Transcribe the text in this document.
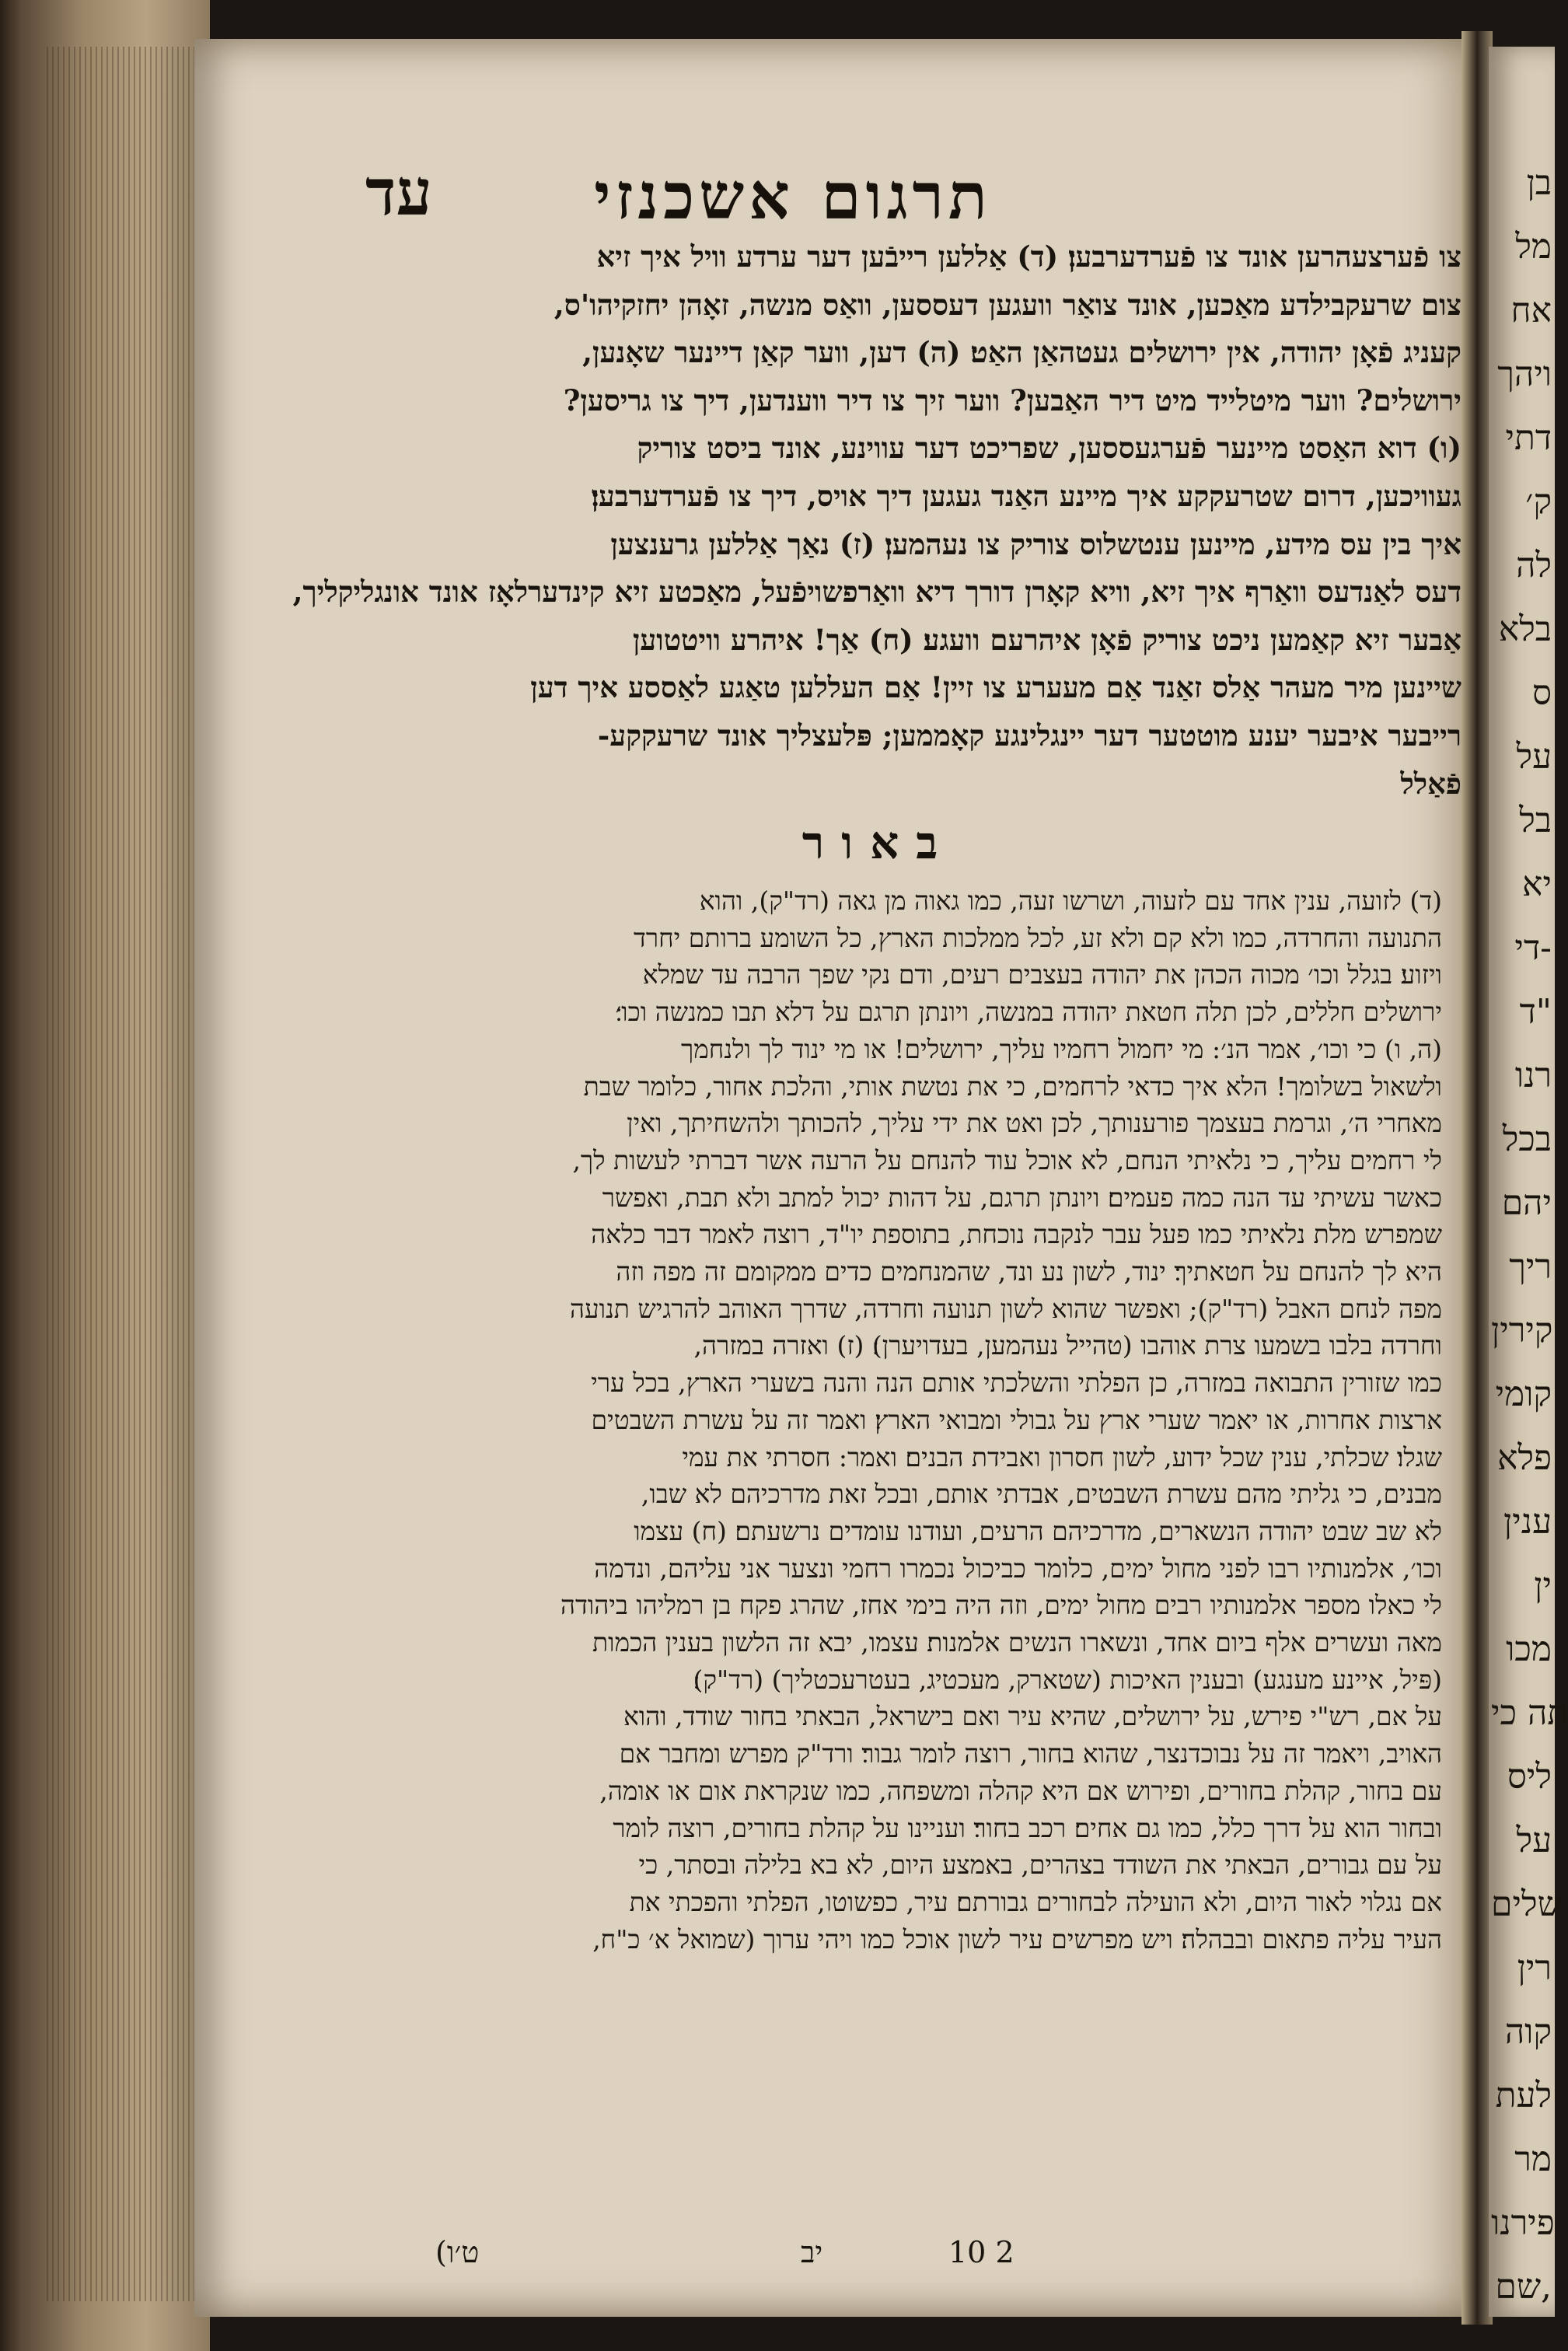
בן
מל
אח
ויהך
דתי
ק׳
לה
בלא
ס
על
בל
יא
די-
ד"
רנו
בכל
יהם
ריך
קירין
קומי
פלא
ענין
ין
מכו
תה כי
ליס
על
שלים
רין
קוה
לעת
מר
פירנו
שם,
תרגום אשכנזי
עד

צו פֿערצעהרען אונד צו פֿערדערבען׃ (ד) אַללען רייבֿען דער ערדע וויל איך זיא

צום שרעקבילדע מאַכען, אונד צואַר וועגען דעססען, וואַס מנשה, זאָהן יחזקיהו'ס,

קעניג פֿאָן יהודה, אין ירושלים געטהאַן האַט׃ (ה) דען, ווער קאַן דיינער שאָנען,

ירושלים? ווער מיטלייד מיט דיר האַבען? ווער זיך צו דיר ווענדען, דיך צו גריסען?

(ו) דוא האַסט מיינער פֿערגעססען, שפריכט דער עווינע, אונד ביסט צוריק

געוויכען, דרום שטרעקקע איך מיינע האַנד געגען דיך אויס, דיך צו פֿערדערבען׃

איך בין עס מידע, מיינען ענטשלוס צוריק צו נעהמען׃ (ז) נאַך אַללען גרענצען

דעס לאַנדעס וואַרף איך זיא, וויא קאָרן דורך דיא וואַרפשויפֿעל, מאַכטע זיא קינדערלאָז אונד אונגליקליך,

אַבער זיא קאַמען ניכט צוריק פֿאָן איהרעם וועגע׃ (ח) אַך! איהרע וויטטוען

שיינען מיר מעהר אַלס זאַנד אַם מעערע צו זיין! אַם העללען טאַגע לאַססע איך דען

רייבער איבער יענע מוטטער דער יינגלינגע קאָממען; פּלעצליך אונד שרעקקע-

פֿאַלל

באור

(ד) לזועה, ענין אחד עם לזעוה, ושרשו זעה, כמו גאוה מן גאה (רד"ק), והוא

התנועה והחרדה, כמו ולא קם ולא זע, לכל ממלכות הארץ, כל השומע ברותם יחרד

ויזוע׃ בגלל וכו׳ מכוה הכהן את יהודה בעצבים רעים, ודם נקי שפך הרבה עד שמלא

ירושלים חללים, לכן תלה חטאת יהודה במנשה, ויונתן תרגם על דלא תבו כמנשה וכו׳׃

(ה, ו) כי וכו׳, אמר הנ׳: מי יחמול רחמיו עליך, ירושלים! או מי ינוד לך ולנחמך

ולשאול בשלומך! הלא איך כדאי לרחמים, כי את נטשת אותי, והלכת אחור, כלומר שבת

מאחרי ה׳, וגרמת בעצמך פורענותך, לכן ואט את ידי עליך, להכותך ולהשחיתך, ואין

לי רחמים עליך, כי נלאיתי הנחם, לא אוכל עוד להנחם על הרעה אשר דברתי לעשות לך,

כאשר עשיתי עד הנה כמה פעמים׃ ויונתן תרגם, על דהות יכול למתב ולא תבת, ואפשר

שמפרש מלת נלאיתי כמו פעל עבר לנקבה נוכחת, בתוספת יו"ד, רוצה לאמר דבר כלאה

היא לך להנחם על חטאתיך׃ ינוד, לשון נע ונד, שהמנחמים כדים ממקומם זה מפה וזה

מפה לנחם האבל (רד"ק); ואפשר שהוא לשון תנועה וחרדה, שדרך האוהב להרגיש תנועה

וחרדה בלבו בשמעו צרת אוהבו (טהייל נעהמען, בעדויערן)׃ (ז) ואזרה במזרה,

כמו שזורין התבואה במזרה, כן הפלתי והשלכתי אותם הנה והנה בשערי הארץ, בכל ערי

ארצות אחרות, או יאמר שערי ארץ על גבולי ומבואי הארץ׃ ואמר זה על עשרת השבטים

שגלו׃ שכלתי, ענין שכל ידוע, לשון חסרון ואבידת הבנים׃ ואמר: חסרתי את עמי

מבנים, כי גליתי מהם עשרת השבטים, אבדתי אותם, ובכל זאת מדרכיהם לא שבו,

לא שב שבט יהודה הנשארים, מדרכיהם הרעים, ועודנו עומדים נרשעתם׃ (ח) עצמו

וכו׳, אלמנותיו רבו לפני מחול ימים, כלומר כביכול נכמרו רחמי ונצער אני עליהם, ונדמה

לי כאלו מספר אלמנותיו רבים מחול ימים, וזה היה בימי אחז, שהרג פקח בן רמליהו ביהודה

מאה ועשרים אלף ביום אחד, ונשארו הנשים אלמנות׃ עצמו, יבא זה הלשון בענין הכמות

(פּיל, איינע מענגע) ובענין האיכות (שטארק, מעכטיג, בעטרעכטליך) (רד"ק)׃

על אם, רש"י פירש, על ירושלים, שהיא עיר ואם בישראל, הבאתי בחור שודד, והוא

האויב, ויאמר זה על נבוכדנצר, שהוא בחור, רוצה לומר גבור׃ ורד"ק מפרש ומחבר אם

עם בחור, קהלת בחורים, ופירוש אם היא קהלה ומשפחה, כמו שנקראת אום או אומה,

ובחור הוא על דרך כלל, כמו גם אחים׃ רכב בחור׃ ועניינו על קהלת בחורים, רוצה לומר

על עם גבורים, הבאתי את השודד בצהרים, באמצע היום, לא בא בלילה ובסתר, כי

אם נגלוי לאור היום, ולא הועילה לבחורים גבורתם׃ עיר, כפשוטו, הפלתי והפכתי את

העיר עליה פתאום ובבהלה׃ ויש מפרשים עיר לשון אוכל כמו ויהי ערוך (שמואל א׳ כ"ח,

ט׳ו)	יב	2 10
